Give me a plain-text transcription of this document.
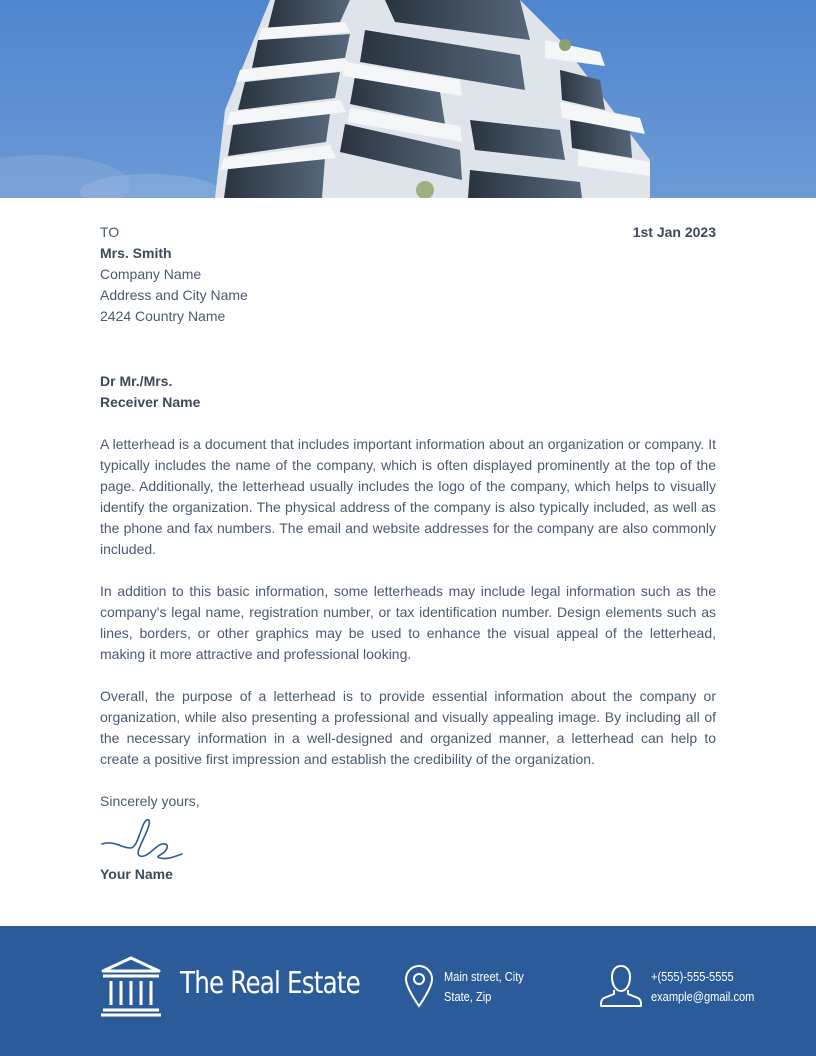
1st Jan 2023
TO
Mrs. Smith
Company Name
Address and City Name
2424 Country Name
Dr Mr./Mrs.
Receiver Name

A letterhead is a document that includes important information about an organization or company. It typically includes the name of the company, which is often displayed prominently at the top of the page. Additionally, the letterhead usually includes the logo of the company, which helps to visually identify the organization. The physical address of the company is also typically included, as well as the phone and fax numbers. The email and website addresses for the company are also commonly included.

In addition to this basic information, some letterheads may include legal information such as the company's legal name, registration number, or tax identification number. Design elements such as lines, borders, or other graphics may be used to enhance the visual appeal of the letterhead, making it more attractive and professional looking.

Overall, the purpose of a letterhead is to provide essential information about the company or organization, while also presenting a professional and visually appealing image. By including all of the necessary information in a well-designed and organized manner, a letterhead can help to create a positive first impression and establish the credibility of the organization.

Sincerely yours,
Your Name
The Real Estate	Main street, City
State, Zip
+(555)-555-5555
example@gmail.com
